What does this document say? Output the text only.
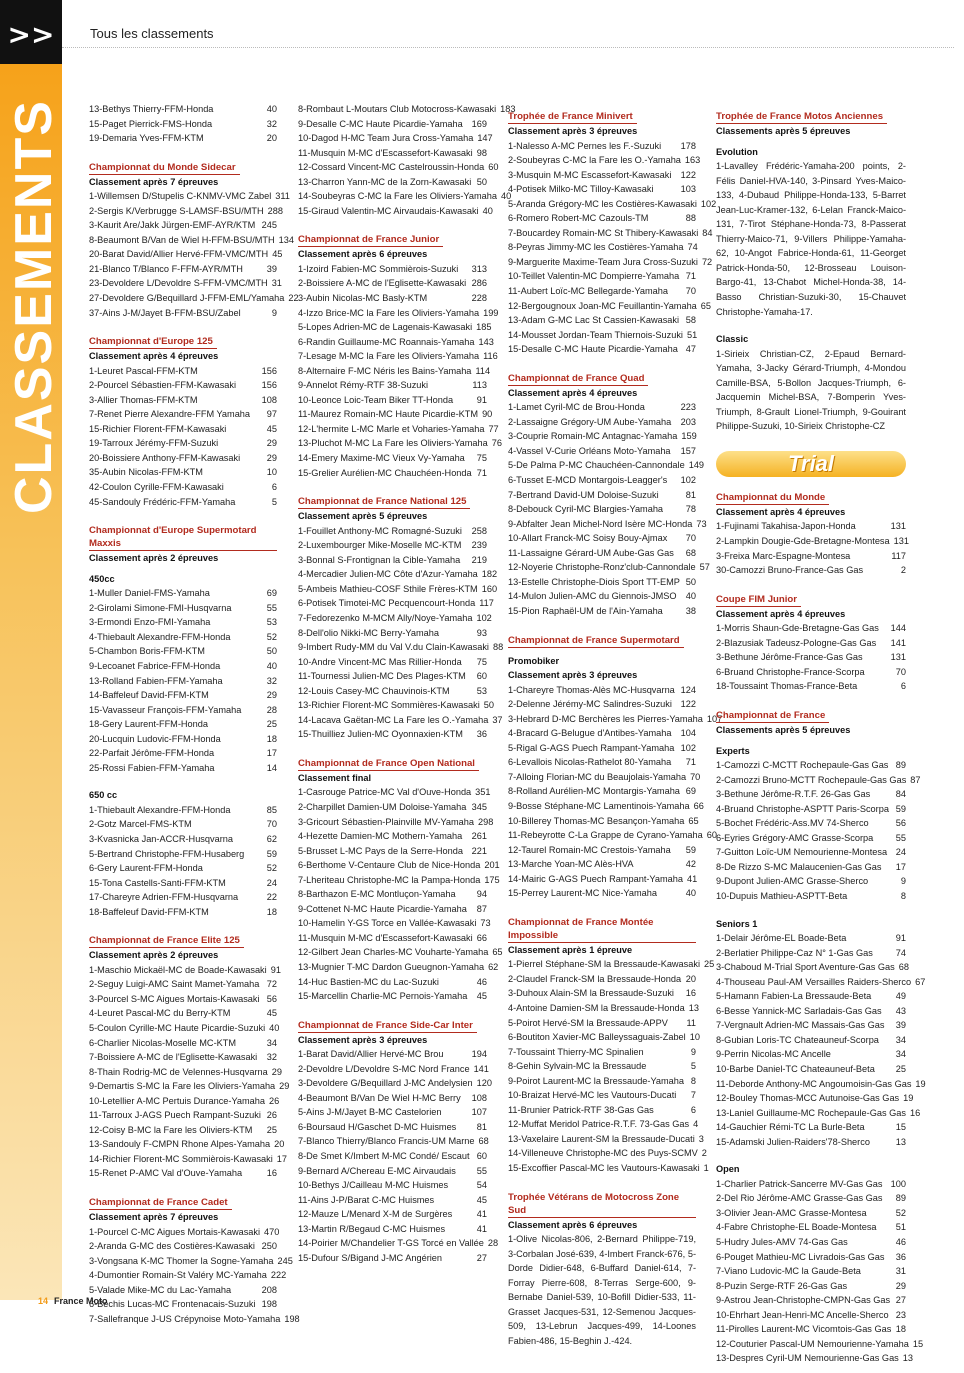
>>	Tous les classements
CLASSEMENTS	13-Bethys Thierry-FFM-Honda	40
15-Paget Pierrick-FMS-Honda	32
19-Demaria Yves-FFM-KTM	20
Championnat du Monde Sidecar
Classement après 7 épreuves
1-Willemsen D/Stupelis C-KNMV-VMC Zabel 311
2-Sergis K/Verbrugge S-LAMSF-BSU/MTH 288
3-Kaurit Are/Jakk Jürgen-EMF-AYR/KTM 245
8-Beaumont B/Van de Wiel H-FFM-BSU/MTH 134
20-Barat David/Allier Hervé-FFM-VMC/MTH 45
21-Blanco T/Blanco F-FFM-AYR/MTH	39
23-Devoldere L/Devoldre S-FFM-VMC/MTH 31
27-Devoldere G/Bequillard J-FFM-EML/Yamaha 22
37-Ains J-M/Jayet B-FFM-BSU/Zabel	9
Championnat d'Europe 125
Classement après 4 épreuves
1-Leuret Pascal-FFM-KTM	156
2-Pourcel Sébastien-FFM-Kawasaki	156
3-Allier Thomas-FFM-KTM	108
7-Renet Pierre Alexandre-FFM Yamaha	97
15-Richier Florent-FFM-Kawasaki	45
19-Tarroux Jérémy-FFM-Suzuki	29
20-Boissiere Anthony-FFM-Kawasaki	29
35-Aubin Nicolas-FFM-KTM	10
42-Coulon Cyrille-FFM-Kawasaki	6
45-Sandouly Frédéric-FFM-Yamaha	5
Championnat d'Europe Supermotard Maxxis
Classement après 2 épreuves
450cc
1-Muller Daniel-FMS-Yamaha	69
2-Girolami Simone-FMI-Husqvarna	55
3-Ermondi Enzo-FMI-Yamaha	53
4-Thiebault Alexandre-FFM-Honda	52
5-Chambon Boris-FFM-KTM	50
9-Lecoanet Fabrice-FFM-Honda	40
13-Rolland Fabien-FFM-Yamaha	32
14-Baffeleuf David-FFM-KTM	29
15-Vavasseur François-FFM-Yamaha	28
18-Gery Laurent-FFM-Honda	25
20-Lucquin Ludovic-FFM-Honda	18
22-Parfait Jérôme-FFM-Honda	17
25-Rossi Fabien-FFM-Yamaha	14
650 cc
1-Thiebault Alexandre-FFM-Honda	85
2-Gotz Marcel-FMS-KTM	70
3-Kvasnicka Jan-ACCR-Husqvarna	62
5-Bertrand Christophe-FFM-Husaberg	59
6-Gery Laurent-FFM-Honda	52
15-Tona Castells-Santi-FFM-KTM	24
17-Chareyre Adrien-FFM-Husqvarna	22
18-Baffeleuf David-FFM-KTM	18
Championnat de France Elite 125
Classement après 2 épreuves
1-Maschio Mickaël-MC de Boade-Kawasaki 91
2-Seguy Luigi-AMC Saint Mamet-Yamaha 72
3-Pourcel S-MC Aigues Mortais-Kawasaki 56
4-Leuret Pascal-MC du Berry-KTM	45
5-Coulon Cyrille-MC Haute Picardie-Suzuki 40
6-Charlier Nicolas-Moselle MC-KTM	34
7-Boissiere A-MC de l'Eglisette-Kawasaki	32
8-Thain Rodrig-MC de Velennes-Husqvarna 29
9-Demartis S-MC la Fare les Oliviers-Yamaha 29
10-Letellier A-MC Pertuis Durance-Yamaha 26
11-Tarroux J-AGS Puech Rampant-Suzuki 26
12-Coisy B-MC la Fare les Oliviers-KTM	25
13-Sandouly F-CMPN Rhone Alpes-Yamaha 20
14-Richier Florent-MC Sommièrois-Kawasaki 17
15-Renet P-AMC Val d'Ouve-Yamaha	16
Championnat de France Cadet
Classement après 7 épreuves
1-Pourcel C-MC Aigues Mortais-Kawasaki 470
2-Aranda G-MC des Costières-Kawasaki 250
3-Vongsana K-MC Thomer la Sogne-Yamaha 245
4-Dumontier Romain-St Valéry MC-Yamaha 222
5-Valade Mike-MC du Lac-Yamaha	208
6-Bechis Lucas-MC Frontenacais-Suzuki 198
7-Sallefranque J-US Crépynoise Moto-Yamaha 198
8-Rombaut L-Moutars Club Motocross-Kawasaki 183
9-Desalle C-MC Haute Picardie-Yamaha 169
10-Dagod H-MC Team Jura Cross-Yamaha 147
11-Musquin M-MC d'Escassefort-Kawasaki 98
12-Cossard Vincent-MC Castelroussin-Honda 60
13-Charron Yann-MC de la Zorn-Kawasaki 50
14-Soubeyras C-MC la Fare les Oliviers-Yamaha 40
15-Giraud Valentin-MC Airvaudais-Kawasaki 40
Championnat de France Junior
Classement après 6 épreuves
1-Izoird Fabien-MC Sommièrois-Suzuki	313
2-Boissiere A-MC de l'Eglisette-Kawasaki 286
3-Aubin Nicolas-MC Basly-KTM	228
4-Izzo Brice-MC la Fare les Oliviers-Yamaha 199
5-Lopes Adrien-MC de Lagenais-Kawasaki 185
6-Randin Guillaume-MC Roannais-Yamaha 143
7-Lesage M-MC la Fare les Oliviers-Yamaha 116
8-Alternaire F-MC Néris les Bains-Yamaha 114
9-Annelot Rémy-RTF 38-Suzuki	113
10-Leonce Loic-Team Biker TT-Honda	91
11-Maurez Romain-MC Haute Picardie-KTM 90
12-L'hermite L-MC Marle et Voharies-Yamaha 77
13-Pluchot M-MC La Fare les Oliviers-Yamaha 76
14-Emery Maxime-MC Vieux Vy-Yamaha	75
15-Grelier Aurélien-MC Chauchéen-Honda 71
Championnat de France National 125
Classement après 5 épreuves
1-Fouillet Anthony-MC Romagné-Suzuki	258
2-Luxembourger Mike-Moselle MC-KTM	239
3-Bonnal S-Frontignan la Cible-Yamaha	219
4-Mercadier Julien-MC Côte d'Azur-Yamaha 182
5-Ambeis Mathieu-COSF Sthile Frères-KTM 160
6-Potisek Timotei-MC Pecquencourt-Honda 117
7-Fedorezenko M-MCM Ally/Noye-Yamaha 102
8-Dell'olio Nikki-MC Berry-Yamaha	93
9-Imbert Rudy-MM du Val V.du Clain-Kawasaki 88
10-Andre Vincent-MC Mas Rillier-Honda	75
11-Tournessi Julien-MC Des Plages-KTM	60
12-Louis Casey-MC Chauvinois-KTM	53
13-Richier Florent-MC Sommières-Kawasaki 50
14-Lacava Gaëtan-MC La Fare les O.-Yamaha 37
15-Thuilliez Julien-MC Oyonnaxien-KTM	36
Championnat de France Open National
Classement final
1-Casrouge Patrice-MC Val d'Ouve-Honda 351
2-Charpillet Damien-UM Doloise-Yamaha 345
3-Gricourt Sébastien-Plainville MV-Yamaha 298
4-Hezette Damien-MC Mothern-Yamaha	261
5-Brusset L-MC Pays de la Serre-Honda 221
6-Berthome V-Centaure Club de Nice-Honda 201
7-Lheriteau Christophe-MC la Pampa-Honda 175
8-Barthazon E-MC Montluçon-Yamaha	94
9-Cottenet N-MC Haute Picardie-Yamaha	87
10-Hamelin Y-GS Torce en Vallée-Kawasaki 73
11-Musquin M-MC d'Escassefort-Kawasaki 66
12-Gilbert Jean Charles-MC Vouharte-Yamaha 65
13-Mugnier T-MC Dardon Gueugnon-Yamaha 62
14-Huc Bastien-MC du Lac-Suzuki	46
15-Marcellin Charlie-MC Pernois-Yamaha	45
Championnat de France Side-Car Inter
Classement après 3 épreuves
1-Barat David/Allier Hervé-MC Brou	194
2-Devoldre L/Devoldre S-MC Nord France 141
3-Devoldere G/Bequillard J-MC Andelysien 120
4-Beaumont B/Van De Wiel H-MC Berry	108
5-Ains J-M/Jayet B-MC Castelorien	107
6-Boursaud H/Gaschet D-MC Huismes	81
7-Blanco Thierry/Blanco Francis-UM Marne 68
8-De Smet K/Imbert M-MC Condé/ Escaut 60
9-Bernard A/Chereau E-MC Airvaudais	55
10-Bethys J/Cailleau M-MC Huismes	54
11-Ains J-P/Barat C-MC Huismes	45
12-Mauze L/Menard X-M de Surgères	41
13-Martin R/Begaud C-MC Huismes	41
14-Poirier M/Chandelier T-GS Torcé en Vallée 28
15-Dufour S/Bigand J-MC Angérien	27
Trophée de France Minivert
Classement après 3 épreuves
1-Nalesso A-MC Pernes les F.-Suzuki	178
2-Soubeyras C-MC la Fare les O.-Yamaha 163
3-Musquin M-MC Escassefort-Kawasaki	122
4-Potisek Milko-MC Tilloy-Kawasaki	103
5-Aranda Grégory-MC les Costières-Kawasaki 102
6-Romero Robert-MC Cazouls-TM	88
7-Boucardey Romain-MC St Thibery-Kawasaki 84
8-Peyras Jimmy-MC les Costières-Yamaha 74
9-Marguerite Maxime-Team Jura Cross-Suzuki 72
10-Teillet Valentin-MC Dompierre-Yamaha 71
11-Aubert Loïc-MC Bellegarde-Yamaha	70
12-Bergougnoux Joan-MC Feuillantin-Yamaha 65
13-Adam G-MC Lac St Cassien-Kawasaki 58
14-Mousset Jordan-Team Thiernois-Suzuki 51
15-Desalle C-MC Haute Picardie-Yamaha 47
Championnat de France Quad
Classement après 4 épreuves
1-Lamet Cyril-MC de Brou-Honda	223
2-Lassaigne Grégory-UM Aube-Yamaha	203
3-Couprie Romain-MC Antagnac-Yamaha 159
4-Vassel V-Curie Orléans Moto-Yamaha	157
5-De Palma P-MC Chauchéen-Cannondale 149
6-Tusset E-MCD Montargois-Leagger's	102
7-Bertrand David-UM Doloise-Suzuki	81
8-Debouck Cyril-MC Blargies-Yamaha	78
9-Abfalter Jean Michel-Nord Isère MC-Honda 73
10-Allart Franck-MC Soisy Bouy-Ajmax	70
11-Lassaigne Gérard-UM Aube-Gas Gas	68
12-Noyerie Christophe-Ronz'club-Cannondale 57
13-Estelle Christophe-Diois Sport TT-EMP 50
14-Mulon Julien-AMC du Giennois-JMSO	40
15-Pion Raphaël-UM de l'Ain-Yamaha	38
Championnat de France Supermotard
Promobiker
Classement après 3 épreuves
1-Chareyre Thomas-Alès MC-Husqvarna 124
2-Delenne Jérémy-MC Salindres-Suzuki 122
3-Hebrard D-MC Berchères les Pierres-Yamaha 107
4-Bracard G-Belugue d'Antibes-Yamaha 104
5-Rigal G-AGS Puech Rampant-Yamaha 102
6-Levallois Nicolas-Rathelot 80-Yamaha	71
7-Alloing Florian-MC du Beaujolais-Yamaha 70
8-Rolland Aurélien-MC Montargis-Yamaha 69
9-Bosse Stéphane-MC Lamentinois-Yamaha 66
10-Billerey Thomas-MC Besançon-Yamaha 65
11-Rebeyrotte C-La Grappe de Cyrano-Yamaha 60
12-Taurel Romain-MC Crestois-Yamaha	59
13-Marche Yoan-MC Alès-HVA	42
14-Mairic G-AGS Puech Rampant-Yamaha 41
15-Perrey Laurent-MC Nice-Yamaha	40
Championnat de France Montée Impossible
Classement après 1 épreuve
1-Pierrel Stéphane-SM la Bressaude-Kawasaki 25
2-Claudel Franck-SM la Bressaude-Honda 20
3-Duhoux Alain-SM la Bressaude-Suzuki	16
4-Antoine Damien-SM la Bressaude-Honda 13
5-Poirot Hervé-SM la Bressaude-APPV	11
6-Boutiton Xavier-MC Balleyssaguais-Zabel 10
7-Toussaint Thierry-MC Spinalien	9
8-Gehin Sylvain-MC la Bressaude	5
9-Poirot Laurent-MC la Bressaude-Yamaha 8
10-Braizat Hervé-MC les Vautours-Ducati	7
11-Brunier Patrick-RTF 38-Gas Gas	6
12-Muffat Meridol Patrice-R.T.F. 73-Gas Gas 4
13-Vaxelaire Laurent-SM la Bressaude-Ducati 3
14-Villeneuve Christophe-MC des Puys-SCMV 2
15-Excoffier Pascal-MC les Vautours-Kawasaki 1
Trophée Vétérans de Motocross Zone Sud
Classement après 6 épreuves
1-Olive Nicolas-806, 2-Bernard Philippe-719, 3-Corbalan José-639, 4-Imbert Franck-676, 5-Dorde Didier-648, 6-Buffard Daniel-614, 7-Forray Pierre-608, 8-Terras Serge-600, 9-Bernabe Daniel-539, 10-Bofill Didier-533, 11-Grasset Jacques-531, 12-Semenou Jacques-509, 13-Lebrun Jacques-499, 14-Loones Fabien-486, 15-Beghin J.-424.
Trophée de France Motos Anciennes
Classements après 5 épreuves
Evolution
1-Lavalley Frédéric-Yamaha-200 points, 2-Félis Daniel-HVA-140, 3-Pinsard Yves-Maico-133, 4-Dubaud Philippe-Honda-133, 5-Barret Jean-Luc-Kramer-132, 6-Lelan Franck-Maico-131, 7-Tirot Stéphane-Honda-73, 8-Passerat Thierry-Maico-71, 9-Villers Philippe-Yamaha-62, 10-Angot Fabrice-Honda-61, 11-Georget Patrick-Honda-50, 12-Brosseau Louison-Bargo-41, 13-Chabot Michel-Honda-38, 14-Basso Christian-Suzuki-30, 15-Chauvet Christophe-Yamaha-17.
Classic
1-Sirieix Christian-CZ, 2-Epaud Bernard-Yamaha, 3-Jacky Gérard-Triumph, 4-Mondou Camille-BSA, 5-Bollon Jacques-Triumph, 6-Jacquemin Michel-BSA, 7-Bomperin Yves-Triumph, 8-Grault Lionel-Triumph, 9-Gouirant Philippe-Suzuki, 10-Sirieix Christophe-CZ
Trial
Championnat du Monde
Classement après 4 épreuves
1-Fujinami Takahisa-Japon-Honda	131
2-Lampkin Dougie-Gde-Bretagne-Montesa 131
3-Freixa Marc-Espagne-Montesa	117
30-Camozzi Bruno-France-Gas Gas	2
Coupe FIM Junior
Classement après 4 épreuves
1-Morris Shaun-Gde-Bretagne-Gas Gas	144
2-Blazusiak Tadeusz-Pologne-Gas Gas	141
3-Bethune Jérôme-France-Gas Gas	131
6-Bruand Christophe-France-Scorpa	70
18-Toussaint Thomas-France-Beta	6
Championnat de France
Classements après 5 épreuves
Experts
1-Camozzi C-MCTT Rochepaule-Gas Gas 89
2-Camozzi Bruno-MCTT Rochepaule-Gas Gas 87
3-Bethune Jérôme-R.T.F. 26-Gas Gas	84
4-Bruand Christophe-ASPTT Paris-Scorpa 59
5-Bochet Frédéric-Ass.MV 74-Sherco	56
6-Eyries Grégory-AMC Grasse-Scorpa	55
7-Guitton Loïc-UM Nemourienne-Montesa 24
8-De Rizzo S-MC Malaucenien-Gas Gas	17
9-Dupont Julien-AMC Grasse-Sherco	9
10-Dupuis Mathieu-ASPTT-Beta	8
Seniors 1
1-Delair Jérôme-EL Boade-Beta	91
2-Berlatier Philippe-Caz N° 1-Gas Gas	74
3-Chaboud M-Trial Sport Aventure-Gas Gas 68
4-Thouseau Paul-AM Versailles Raiders-Sherco 67
5-Hamann Fabien-La Bressaude-Beta	49
6-Besse Yannick-MC Sarladais-Gas Gas	43
7-Vergnault Adrien-MC Massais-Gas Gas	39
8-Gubian Loris-TC Chateauneuf-Scorpa	34
9-Perrin Nicolas-MC Ancelle	34
10-Barbe Daniel-TC Chateauneuf-Beta	25
11-Deborde Anthony-MC Angoumoisin-Gas Gas 19
12-Bouley Thomas-MCC Autunoise-Gas Gas 19
13-Laniel Guillaume-MC Rochepaule-Gas Gas 16
14-Gauchier Rémi-TC La Burle-Beta	15
15-Adamski Julien-Raiders'78-Sherco	13
Open
1-Charlier Patrick-Sancerre MV-Gas Gas 100
2-Del Rio Jérôme-AMC Grasse-Gas Gas	89
3-Olivier Jean-AMC Grasse-Montesa	52
4-Fabre Christophe-EL Boade-Montesa	51
5-Hudry Jules-AMV 74-Gas Gas	46
6-Pouget Mathieu-MC Livradois-Gas Gas	36
7-Viano Ludovic-MC la Gaude-Beta	31
8-Puzin Serge-RTF 26-Gas Gas	29
9-Astrou Jean-Christophe-CMPN-Gas Gas 27
10-Ehrhart Jean-Henri-MC Ancelle-Sherco 23
11-Pirolles Laurent-MC Vicomtois-Gas Gas 18
12-Couturier Pascal-UM Nemourienne-Yamaha 15
13-Despres Cyril-UM Nemourienne-Gas Gas 13
14 France Moto
